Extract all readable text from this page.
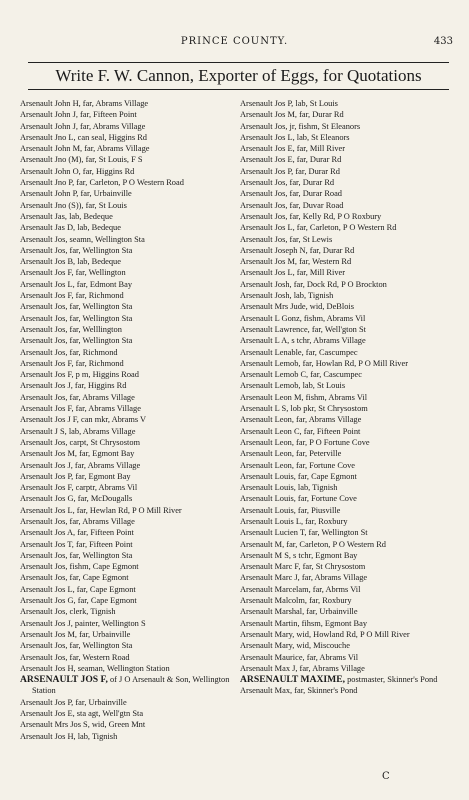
PRINCE COUNTY.	433
Write F. W. Cannon, Exporter of Eggs, for Quotations
Arsenault John H, far, Abrams Village
Arsenault John J, far, Fifteen Point
Arsenault John J, far, Abrams Village
Arsenault Jno L, can seal, Higgins Rd
Arsenault John M, far, Abrams Village
Arsenault Jno (M), far, St Louis, F S
Arsenault John O, far, Higgins Rd
Arsenault Jno P, far, Carleton, P O Western Road
Arsenault John P, far, Urbainville
Arsenault Jno (S)), far, St Louis
Arsenault Jas, lab, Bedeque
Arsenault Jas D, lab, Bedeque
Arsenault Jos, seamn, Wellington Sta
Arsenault Jos, far, Wellington Sta
Arsenault Jos B, lab, Bedeque
Arsenault Jos F, far, Wellington
Arsenault Jos L, far, Edmont Bay
Arsenault Jos F, far, Richmond
Arsenault Jos, far, Wellington Sta
Arsenault Jos, far, Wellington Sta
Arsenault Jos, far, Welllington
Arsenault Jos, far, Wellington Sta
Arsenault Jos, far, Richmond
Arsenault Jos F, far, Richmond
Arsenault Jos F, p m, Higgins Road
Arsenault Jos J, far, Higgins Rd
Arsenault Jos, far, Abrams Village
Arsenault Jos F, far, Abrams Village
Arsenault Jos J F, can mkr, Abrams V
Arsenault J S, lab, Abrams Village
Arsenault Jos, carpt, St Chrysostom
Arsenault Jos M, far, Egmont Bay
Arsenault Jos J, far, Abrams Village
Arsenault Jos P, far, Egmont Bay
Arsenault Jos F, carptr, Abrams Vil
Arsenault Jos G, far, McDougalls
Arsenault Jos L, far, Hewlan Rd, P O Mill River
Arsenault Jos, far, Abrams Village
Arsenault Jos A, far, Fifteen Point
Arsenault Jos T, far, Fifteen Point
Arsenault Jos, far, Wellington Sta
Arsenault Jos, fishm, Cape Egmont
Arsenault Jos, far, Cape Egmont
Arsenault Jos L, far, Cape Egmont
Arsenault Jos G, far, Cape Egmont
Arsenault Jos, clerk, Tignish
Arsenault Jos J, painter, Wellington S
Arsenault Jos M, far, Urbainville
Arsenault Jos, far, Wellington Sta
Arsenault Jos, far, Western Road
Arsenault Jos H, seaman, Wellington Station
ARSENAULT JOS F, of J O Arsenault & Son, Wellington Station
Arsenault Jos P, far, Urbainville
Arsenault Jos E, sta agt, Well'gtn Sta
Arsenault Mrs Jos S, wid, Green Mnt
Arsenault Jos H, lab, Tignish
Arsenault Jos P, lab, St Louis
Arsenault Jos M, far, Durar Rd
Arsenault Jos, jr, fishm, St Eleanors
Arsenault Jos L, lab, St Eleanors
Arsenault Jos E, far, Mill River
Arsenault Jos E, far, Durar Rd
Arsenault Jos P, far, Durar Rd
Arsenault Jos, far, Durar Rd
Arsenault Jos, far, Durar Road
Arsenault Jos, far, Duvar Road
Arsenault Jos, far, Kelly Rd, P O Roxbury
Arsenault Jos L, far, Carleton, P O Western Rd
Arsenault Jos, far, St Lewis
Arsenault Joseph N, far, Durar Rd
Arsenault Jos M, far, Western Rd
Arsenault Jos L, far, Mill River
Arsenault Josh, far, Dock Rd, P O Brockton
Arsenault Josh, lab, Tignish
Arsenault Mrs Jude, wid, DeBlois
Arsenault L Gonz, fishm, Abrams Vil
Arsenault Lawrence, far, Well'gton St
Arsenault L A, s tchr, Abrams Village
Arsenault Lenable, far, Cascumpec
Arsenault Lemob, far, Howlan Rd, P O Mill River
Arsenault Lemob C, far, Cascumpec
Arsenault Lemob, lab, St Louis
Arsenault Leon M, fishm, Abrams Vil
Arsenault L S, lob pkr, St Chrysostom
Arsenault Leon, far, Abrams Village
Arsenault Leon C, far, Fifteen Point
Arsenault Leon, far, P O Fortune Cove
Arsenault Leon, far, Peterville
Arsenault Leon, far, Fortune Cove
Arsenault Louis, far, Cape Egmont
Arsenault Louis, lab, Tignish
Arsenault Louis, far, Fortune Cove
Arsenault Louis, far, Piusville
Arsenault Louis L, far, Roxbury
Arsenault Lucien T, far, Wellington St
Arsenault M, far, Carleton, P O Western Rd
Arsenault M S, s tchr, Egmont Bay
Arsenault Marc F, far, St Chrysostom
Arsenault Marc J, far, Abrams Village
Arsenault Marcelam, far, Abrms Vil
Arsenault Malcolm, far, Roxbury
Arsenault Marshal, far, Urbainville
Arsenault Martin, fihsm, Egmont Bay
Arsenault Mary, wid, Howland Rd, P O Mill River
Arsenault Mary, wid, Miscouche
Arsenault Maurice, far, Abrams Vil
Arsenault Max J, far, Abrams Village
ARSENAULT MAXIME, postmaster, Skinner's Pond
Arsenault Max, far, Skinner's Pond
C
